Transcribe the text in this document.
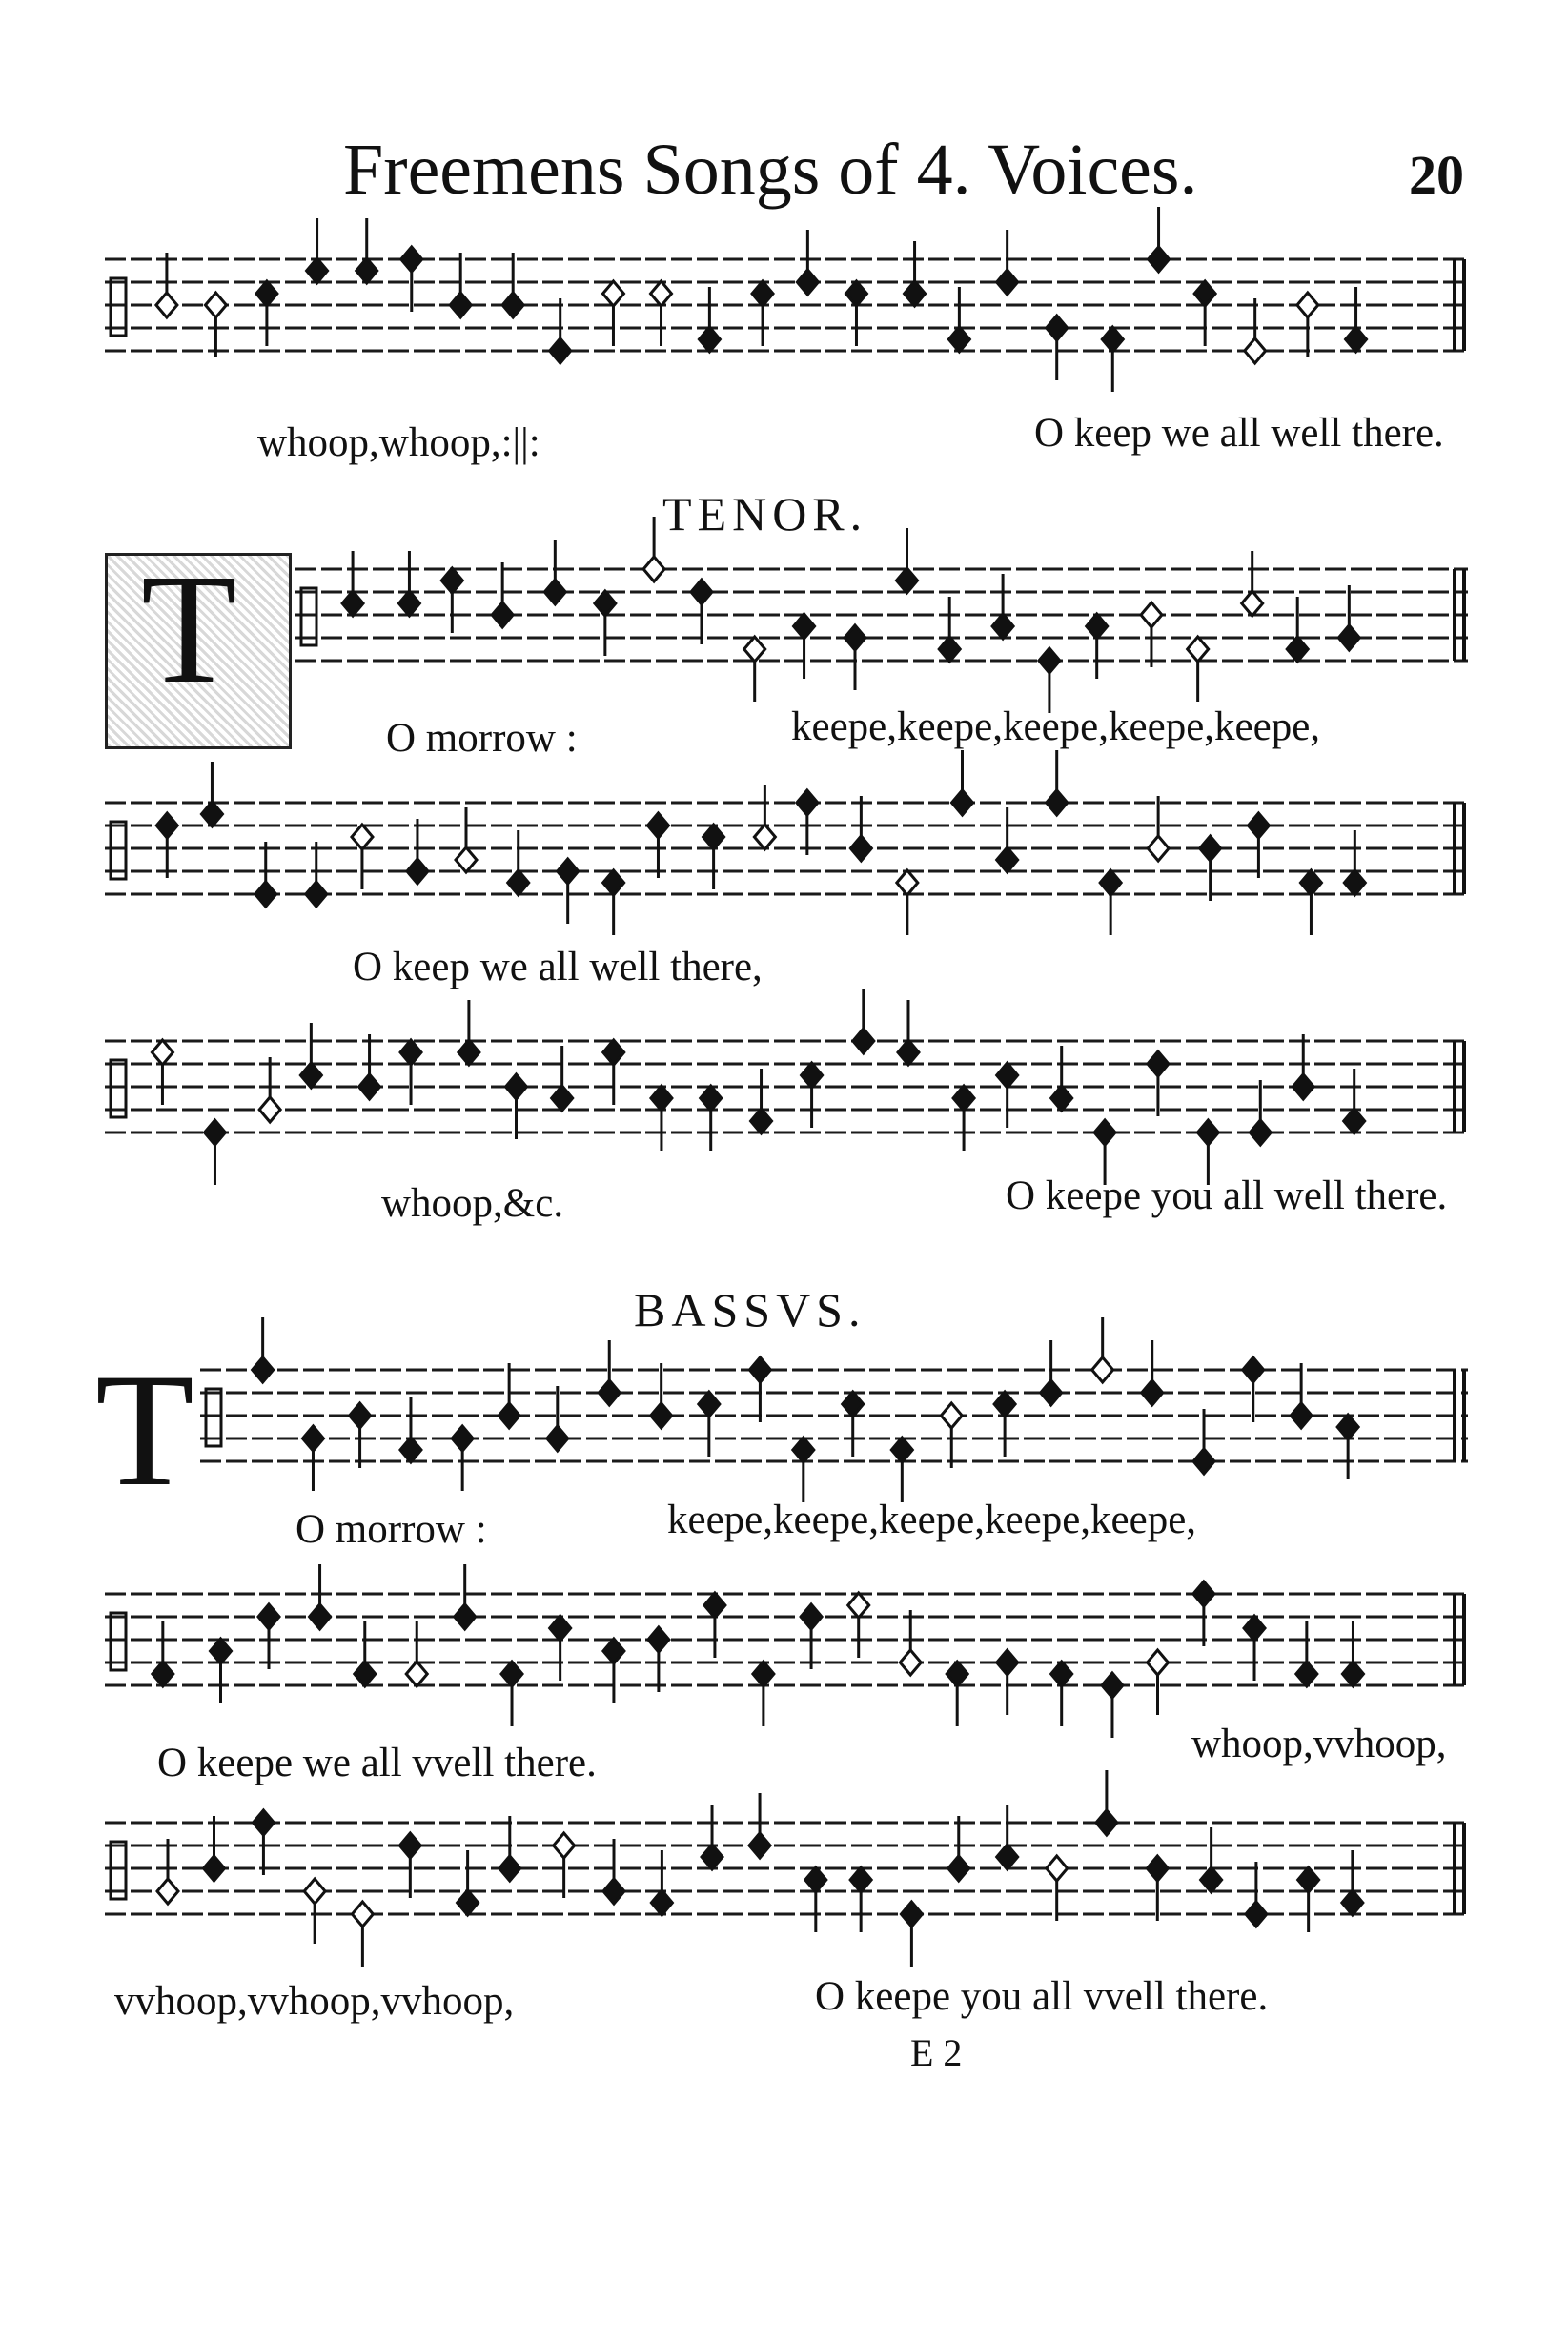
Freemens Songs of 4. Voices.	20
whoop,whoop,:||:	O keep we all well there.
TENOR.
T
O morrow :	keepe,keepe,keepe,keepe,keepe,
O keep we all well there,
whoop,&c.	O keepe you all well there.
BASSVS.
T
O morrow :	keepe,keepe,keepe,keepe,keepe,
O keepe we all vvell there.	whoop,vvhoop,
vvhoop,vvhoop,vvhoop,	O keepe you all vvell there.
E 2
